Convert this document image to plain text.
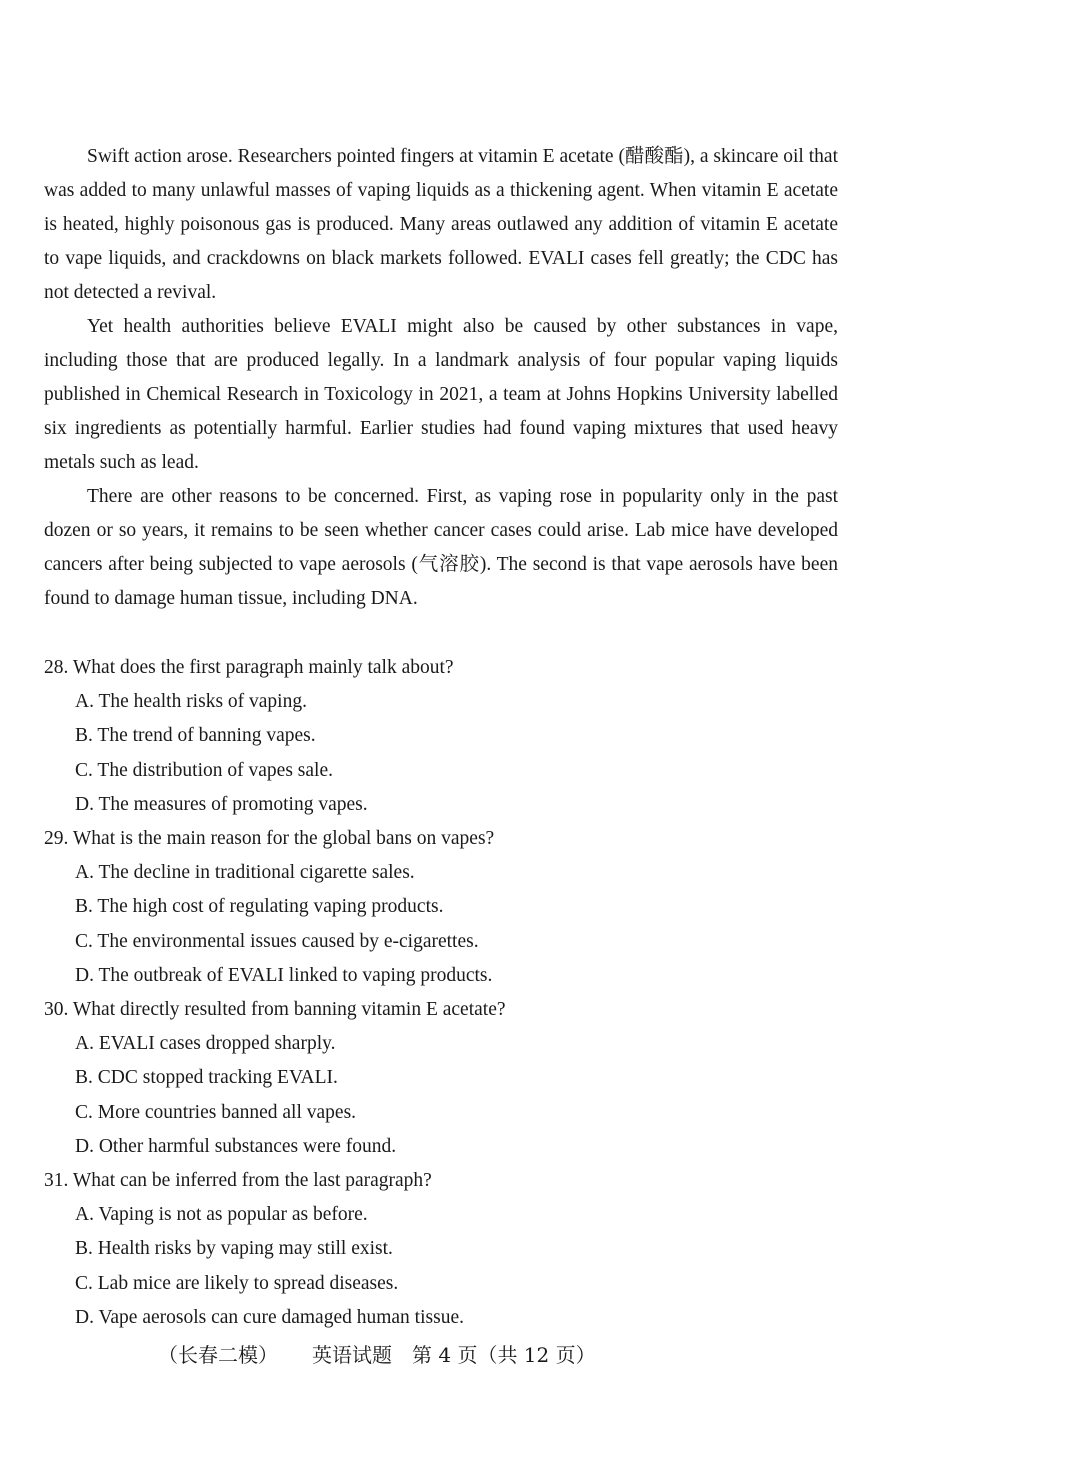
Swift action arose. Researchers pointed fingers at vitamin E acetate (醋酸酯), a skincare oil that was added to many unlawful masses of vaping liquids as a thickening agent. When vitamin E acetate is heated, highly poisonous gas is produced. Many areas outlawed any addition of vitamin E acetate to vape liquids, and crackdowns on black markets followed. EVALI cases fell greatly; the CDC has not detected a revival.

Yet health authorities believe EVALI might also be caused by other substances in vape, including those that are produced legally. In a landmark analysis of four popular vaping liquids published in Chemical Research in Toxicology in 2021, a team at Johns Hopkins University labelled six ingredients as potentially harmful. Earlier studies had found vaping mixtures that used heavy metals such as lead.

There are other reasons to be concerned. First, as vaping rose in popularity only in the past dozen or so years, it remains to be seen whether cancer cases could arise. Lab mice have developed cancers after being subjected to vape aerosols (气溶胶). The second is that vape aerosols have been found to damage human tissue, including DNA.

28. What does the first paragraph mainly talk about?
A. The health risks of vaping.
B. The trend of banning vapes.
C. The distribution of vapes sale.
D. The measures of promoting vapes.
29. What is the main reason for the global bans on vapes?
A. The decline in traditional cigarette sales.
B. The high cost of regulating vaping products.
C. The environmental issues caused by e-cigarettes.
D. The outbreak of EVALI linked to vaping products.
30. What directly resulted from banning vitamin E acetate?
A. EVALI cases dropped sharply.
B. CDC stopped tracking EVALI.
C. More countries banned all vapes.
D. Other harmful substances were found.
31. What can be inferred from the last paragraph?
A. Vaping is not as popular as before.
B. Health risks by vaping may still exist.
C. Lab mice are likely to spread diseases.
D. Vape aerosols can cure damaged human tissue.
（长春二模） 英语试题 第 4 页（共 12 页）
